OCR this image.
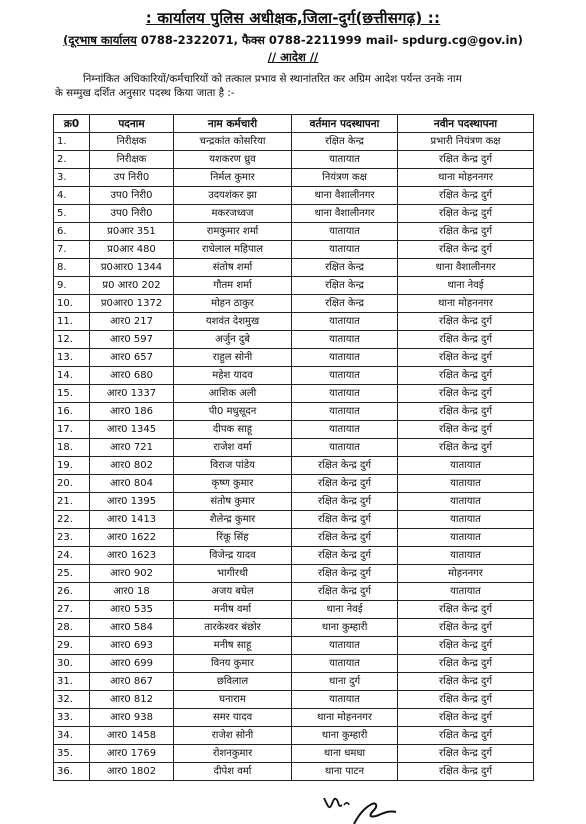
: कार्यालय पुलिस अधीक्षक,जिला-दुर्ग(छत्तीसगढ़) ::
(दूरभाष कार्यालय 0788-2322071, फैक्स 0788-2211999 mail- spdurg.cg@gov.in)
// आदेश //
निम्नांकित अधिकारियों/कर्मचारियों को तत्काल प्रभाव से स्थानांतरित कर अग्रिम आदेश पर्यन्त उनके नाम
के सम्मुख दर्शित अनुसार पदस्थ किया जाता है :-
क्र0	पदनाम	नाम कर्मचारी	वर्तमान पदस्थापना	नवीन पदस्थापना
1.	निरीक्षक	चन्द्रकांत कोसरिया	रक्षित केन्द्र	प्रभारी नियंत्रण कक्ष
2.	निरीक्षक	यशकरण ध्रुव	यातायात	रक्षित केन्द्र दुर्ग
3.	उप निरी0	निर्मल कुमार	नियंत्रण कक्ष	थाना मोहननगर
4.	उप0 निरी0	उदयशंकर झा	थाना वैशालीनगर	रक्षित केन्द्र दुर्ग
5.	उप0 निरी0	मकरजध्वज	थाना वैशालीनगर	रक्षित केन्द्र दुर्ग
6.	प्र0आर 351	रामकुमार शर्मा	यातायात	रक्षित केन्द्र दुर्ग
7.	प्र0आर 480	राधेलाल महिपाल	यातायात	रक्षित केन्द्र दुर्ग
8.	प्र0आर0 1344	संतोष शर्मा	रक्षित केन्द्र	थाना वैशालीनगर
9.	प्र0 आर0 202	गौतम शर्मा	रक्षित केन्द्र	थाना नेवई
10.	प्र0आर0 1372	मोहन ठाकुर	रक्षित केन्द्र	थाना मोहननगर
11.	आर0 217	यशवंत देशमुख	यातायात	रक्षित केन्द्र दुर्ग
12.	आर0 597	अर्जुन दुबे	यातायात	रक्षित केन्द्र दुर्ग
13.	आर0 657	राहुल सोनी	यातायात	रक्षित केन्द्र दुर्ग
14.	आर0 680	महेश यादव	यातायात	रक्षित केन्द्र दुर्ग
15.	आर0 1337	आशिक अली	यातायात	रक्षित केन्द्र दुर्ग
16.	आर0 186	पी0 मधुसूदन	यातायात	रक्षित केन्द्र दुर्ग
17.	आर0 1345	दीपक साहू	यातायात	रक्षित केन्द्र दुर्ग
18.	आर0 721	राजेश वर्मा	यातायात	रक्षित केन्द्र दुर्ग
19.	आर0 802	विराज पांडेय	रक्षित केन्द्र दुर्ग	यातायात
20.	आर0 804	कृष्ण कुमार	रक्षित केन्द्र दुर्ग	यातायात
21.	आर0 1395	संतोष कुमार	रक्षित केन्द्र दुर्ग	यातायात
22.	आर0 1413	शैलेन्द्र कुमार	रक्षित केन्द्र दुर्ग	यातायात
23.	आर0 1622	रिंकू सिंह	रक्षित केन्द्र दुर्ग	यातायात
24.	आर0 1623	विजेन्द्र यादव	रक्षित केन्द्र दुर्ग	यातायात
25.	आर0 902	भागीरथी	रक्षित केन्द्र दुर्ग	मोहननगर
26.	आर0 18	अजय बघेल	रक्षित केन्द्र दुर्ग	यातायात
27.	आर0 535	मनीष वर्मा	थाना नेवई	रक्षित केन्द्र दुर्ग
28.	आर0 584	तारकेश्वर बंछोर	थाना कुम्हारी	रक्षित केन्द्र दुर्ग
29.	आर0 693	मनीष साहू	यातायात	रक्षित केन्द्र दुर्ग
30.	आर0 699	विनय कुमार	यातायात	रक्षित केन्द्र दुर्ग
31.	आर0 867	छविलाल	थाना दुर्ग	रक्षित केन्द्र दुर्ग
32.	आर0 812	घनाराम	यातायात	रक्षित केन्द्र दुर्ग
33.	आर0 938	समर यादव	थाना मोहननगर	रक्षित केन्द्र दुर्ग
34.	आर0 1458	राजेश सोनी	थाना कुम्हारी	रक्षित केन्द्र दुर्ग
35.	आर0 1769	रोशनकुमार	थाना धमधा	रक्षित केन्द्र दुर्ग
36.	आर0 1802	दीपेश वर्मा	थाना पाटन	रक्षित केन्द्र दुर्ग
